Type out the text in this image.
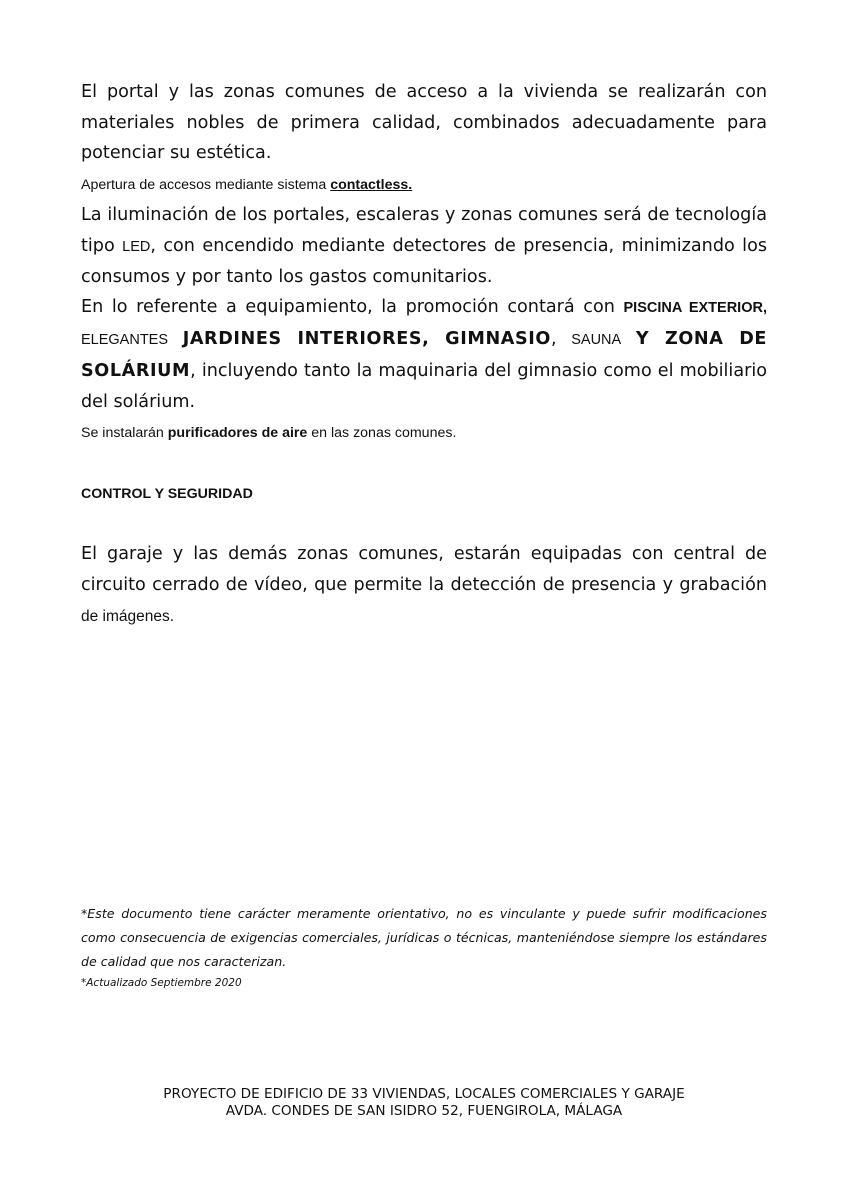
El portal y las zonas comunes de acceso a la vivienda se realizarán con materiales nobles de primera calidad, combinados adecuadamente para potenciar su estética.

Apertura de accesos mediante sistema contactless.

La iluminación de los portales, escaleras y zonas comunes será de tecnología tipo LED, con encendido mediante detectores de presencia, minimizando los consumos y por tanto los gastos comunitarios.

En lo referente a equipamiento, la promoción contará con PISCINA EXTERIOR, ELEGANTES JARDINES INTERIORES, GIMNASIO, SAUNA Y ZONA DE SOLÁRIUM, incluyendo tanto la maquinaria del gimnasio como el mobiliario del solárium.

Se instalarán purificadores de aire en las zonas comunes.

CONTROL Y SEGURIDAD

El garaje y las demás zonas comunes, estarán equipadas con central de circuito cerrado de vídeo, que permite la detección de presencia y grabación de imágenes.

*Este documento tiene carácter meramente orientativo, no es vinculante y puede sufrir modificaciones como consecuencia de exigencias comerciales, jurídicas o técnicas, manteniéndose siempre los estándares de calidad que nos caracterizan.

*Actualizado Septiembre 2020

PROYECTO DE EDIFICIO DE 33 VIVIENDAS, LOCALES COMERCIALES Y GARAJE
AVDA. CONDES DE SAN ISIDRO 52, FUENGIROLA, MÁLAGA
